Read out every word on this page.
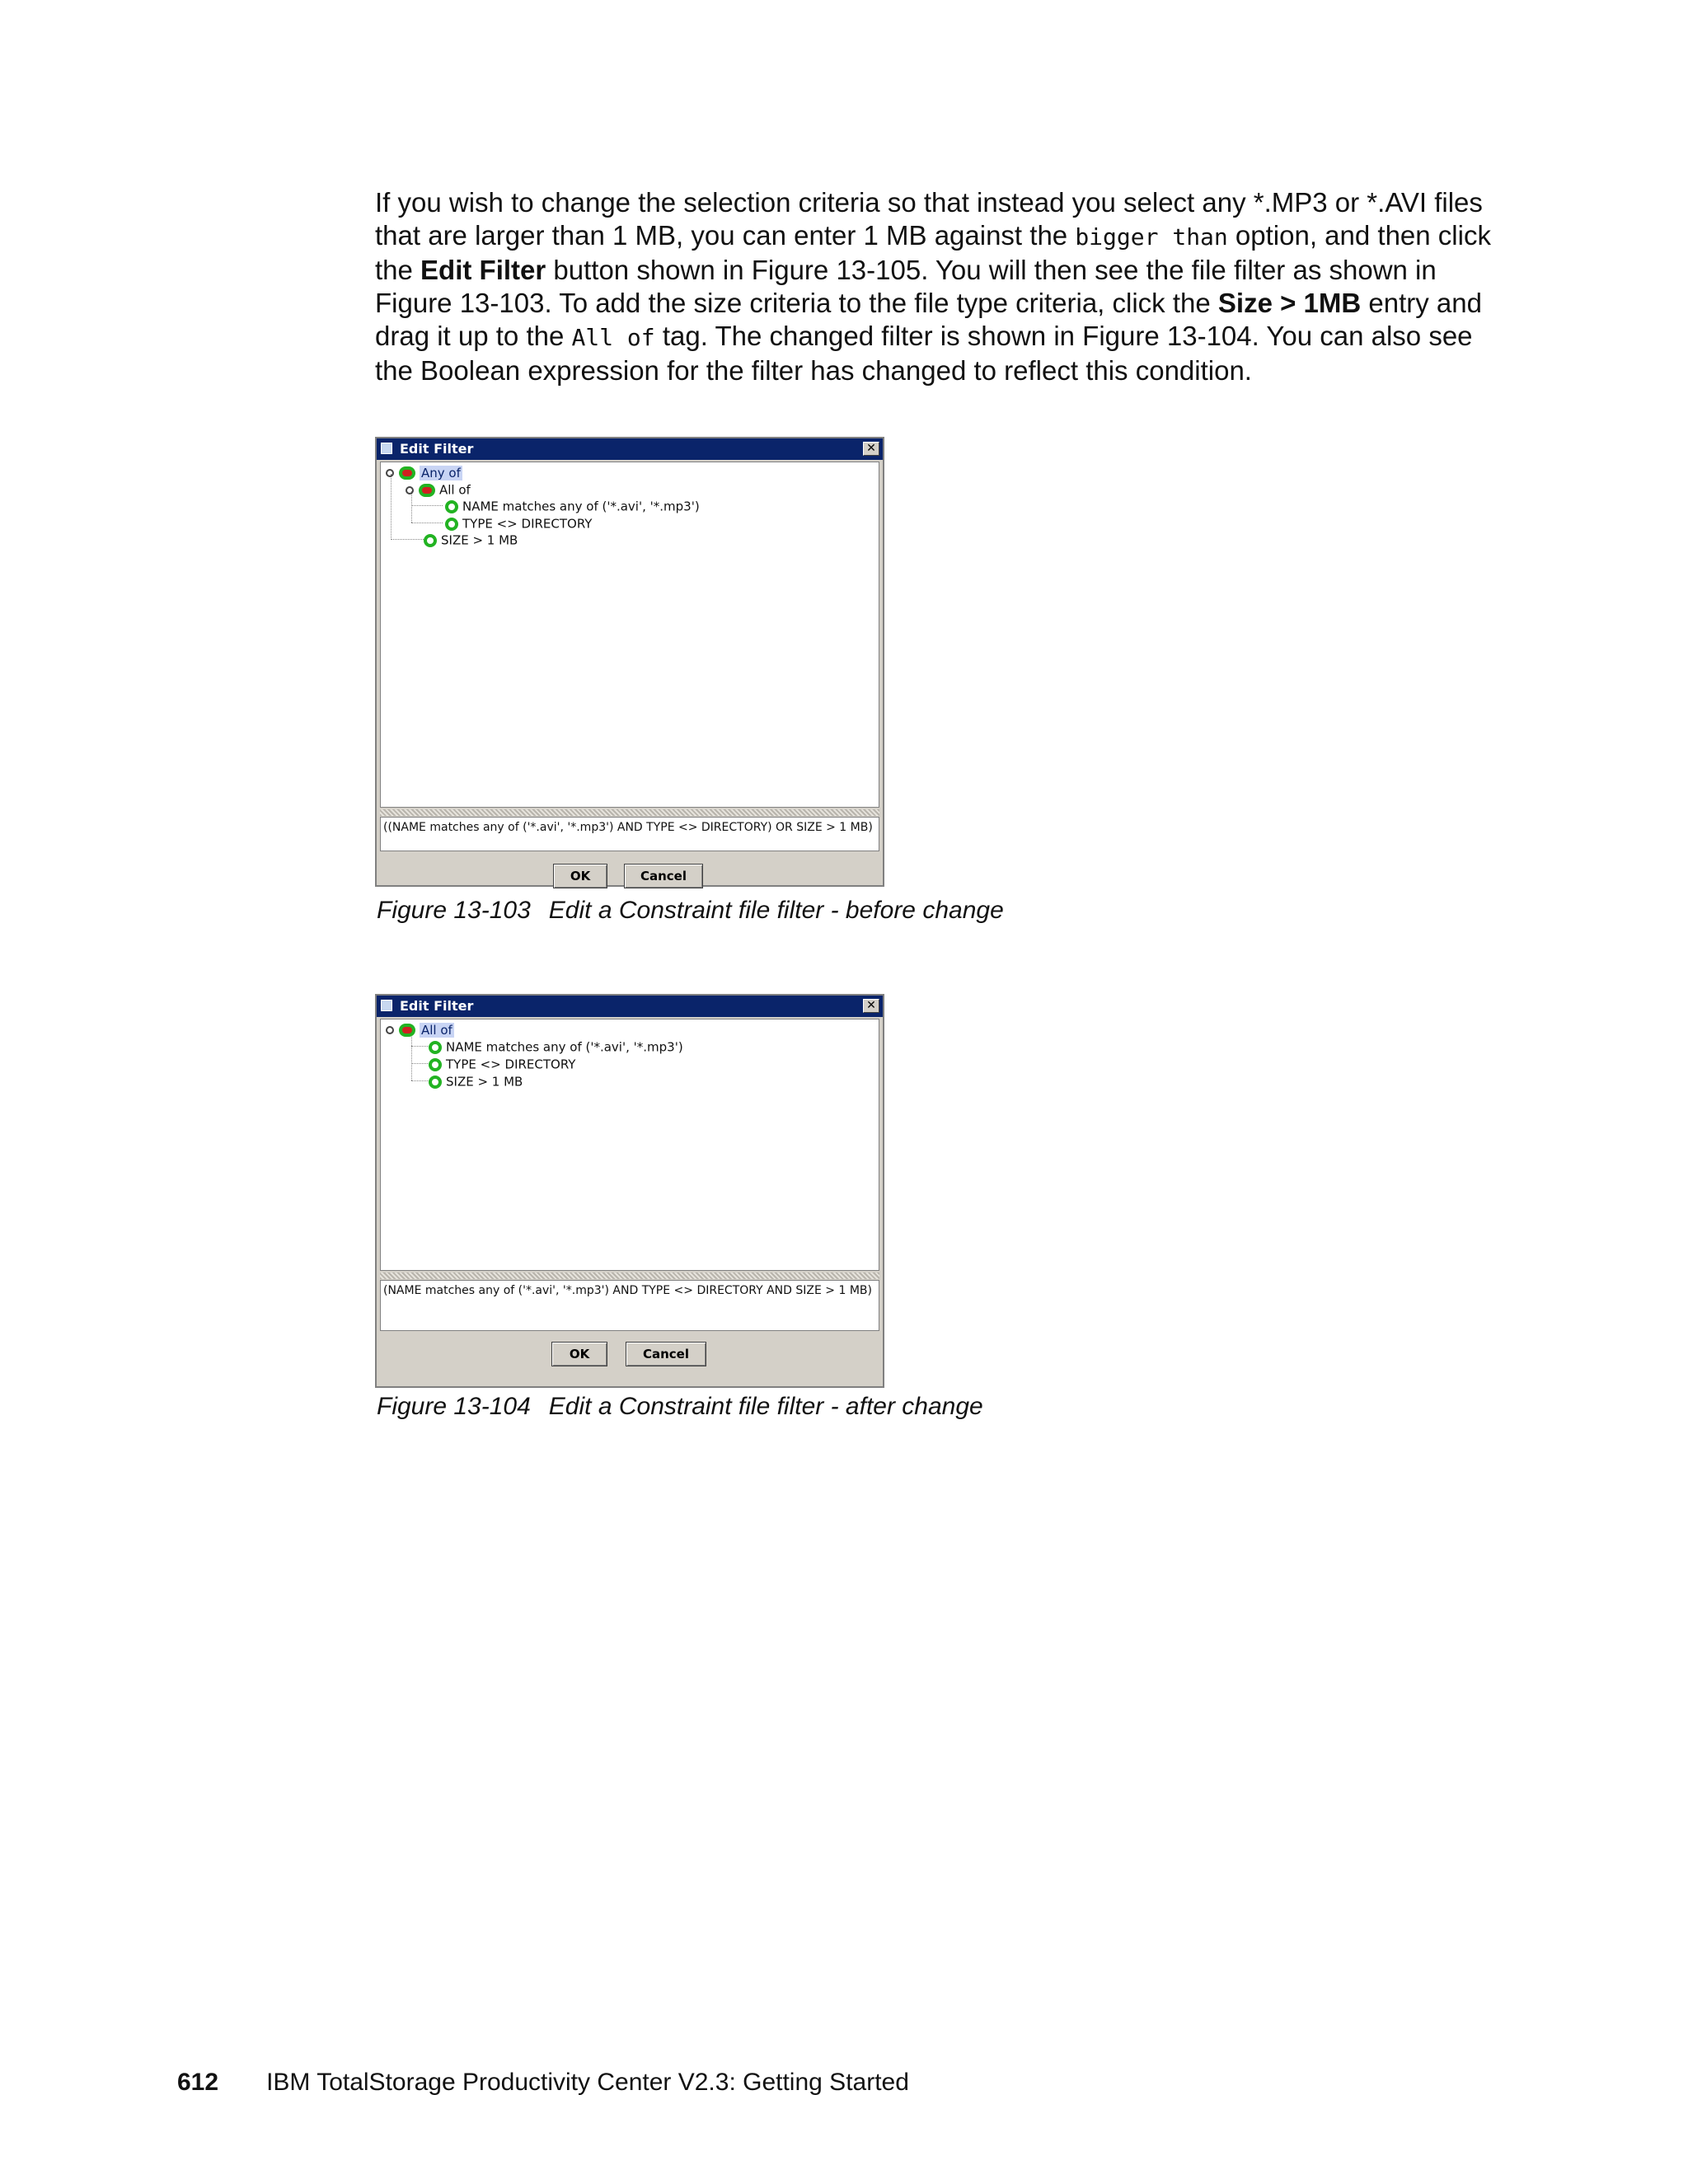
If you wish to change the selection criteria so that instead you select any *.MP3 or *.AVI files that are larger than 1 MB, you can enter 1 MB against the bigger than option, and then click the Edit Filter button shown in Figure 13-105. You will then see the file filter as shown in Figure 13-103. To add the size criteria to the file type criteria, click the Size > 1MB entry and drag it up to the All of tag. The changed filter is shown in Figure 13-104. You can also see the Boolean expression for the filter has changed to reflect this condition.

Edit Filter	✕
Any of
All of
NAME matches any of ('*.avi', '*.mp3')
TYPE <> DIRECTORY
SIZE > 1 MB
((NAME matches any of ('*.avi', '*.mp3') AND TYPE <> DIRECTORY) OR SIZE > 1 MB)
OK	Cancel

Figure 13-103 Edit a Constraint file filter - before change

Edit Filter	✕
All of
NAME matches any of ('*.avi', '*.mp3')
TYPE <> DIRECTORY
SIZE > 1 MB
(NAME matches any of ('*.avi', '*.mp3') AND TYPE <> DIRECTORY AND SIZE > 1 MB)
OK	Cancel

Figure 13-104 Edit a Constraint file filter - after change

612 IBM TotalStorage Productivity Center V2.3: Getting Started
